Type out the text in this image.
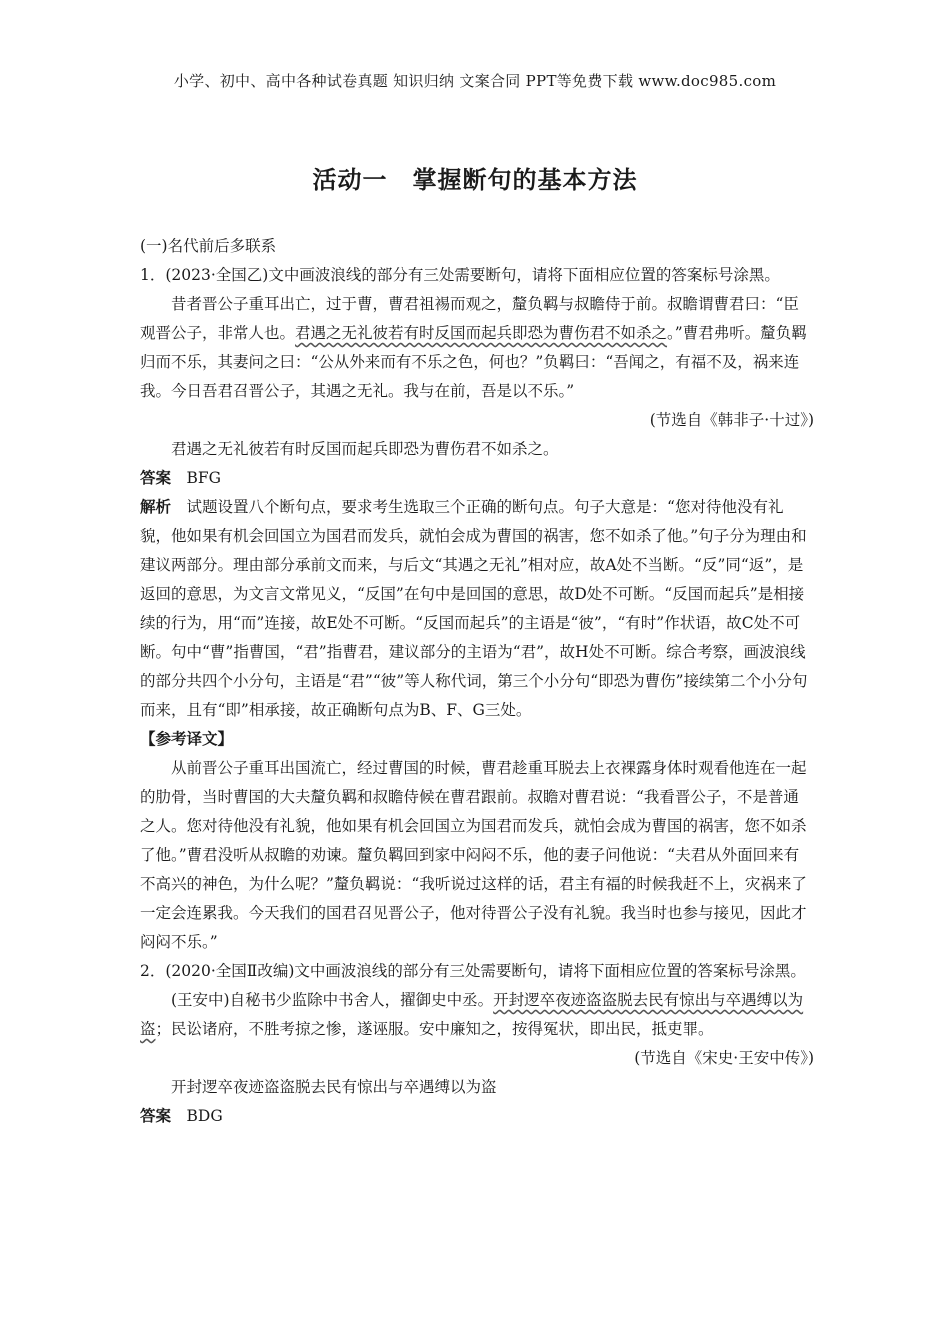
小学、初中、高中各种试卷真题 知识归纳 文案合同 PPT等免费下载 www.doc985.com
活动一　掌握断句的基本方法

(一)名代前后多联系

1．(2023·全国乙)文中画波浪线的部分有三处需要断句，请将下面相应位置的答案标号涂黑。

昔者晋公子重耳出亡，过于曹，曹君祖裼而观之，釐负羁与叔瞻侍于前。叔瞻谓曹君曰：“臣观晋公子，非常人也。君遇之无礼彼若有时反国而起兵即恐为曹伤君不如杀之。”曹君弗听。釐负羁归而不乐，其妻问之曰：“公从外来而有不乐之色，何也？”负羁曰：“吾闻之，有福不及，祸来连我。今日吾君召晋公子，其遇之无礼。我与在前，吾是以不乐。”

(节选自《韩非子·十过》)

君遇之无礼彼若有时反国而起兵即恐为曹伤君不如杀之。

答案　 BFG

解析　 试题设置八个断句点，要求考生选取三个正确的断句点。句子大意是：“您对待他没有礼貌，他如果有机会回国立为国君而发兵，就怕会成为曹国的祸害，您不如杀了他。”句子分为理由和建议两部分。理由部分承前文而来，与后文“其遇之无礼”相对应，故A处不当断。“反”同“返”，是返回的意思，为文言文常见义，“反国”在句中是回国的意思，故D处不可断。“反国而起兵”是相接续的行为，用“而”连接，故E处不可断。“反国而起兵”的主语是“彼”，“有时”作状语，故C处不可断。句中“曹”指曹国，“君”指曹君，建议部分的主语为“君”，故H处不可断。综合考察，画波浪线的部分共四个小分句，主语是“君”“彼”等人称代词，第三个小分句“即恐为曹伤”接续第二个小分句而来，且有“即”相承接，故正确断句点为B、F、G三处。

【参考译文】

从前晋公子重耳出国流亡，经过曹国的时候，曹君趁重耳脱去上衣裸露身体时观看他连在一起的肋骨，当时曹国的大夫釐负羁和叔瞻侍候在曹君跟前。叔瞻对曹君说：“我看晋公子，不是普通之人。您对待他没有礼貌，他如果有机会回国立为国君而发兵，就怕会成为曹国的祸害，您不如杀了他。”曹君没听从叔瞻的劝谏。釐负羁回到家中闷闷不乐，他的妻子问他说：“夫君从外面回来有不高兴的神色，为什么呢？”釐负羁说：“我听说过这样的话，君主有福的时候我赶不上，灾祸来了一定会连累我。今天我们的国君召见晋公子，他对待晋公子没有礼貌。我当时也参与接见，因此才闷闷不乐。”

2．(2020·全国Ⅱ改编)文中画波浪线的部分有三处需要断句，请将下面相应位置的答案标号涂黑。

(王安中)自秘书少监除中书舍人，擢御史中丞。开封逻卒夜迹盗盗脱去民有惊出与卒遇缚以为盗；民讼诸府，不胜考掠之惨，遂诬服。安中廉知之，按得冤状，即出民，抵吏罪。

(节选自《宋史·王安中传》)

开封逻卒夜迹盗盗脱去民有惊出与卒遇缚以为盗

答案　 BDG
